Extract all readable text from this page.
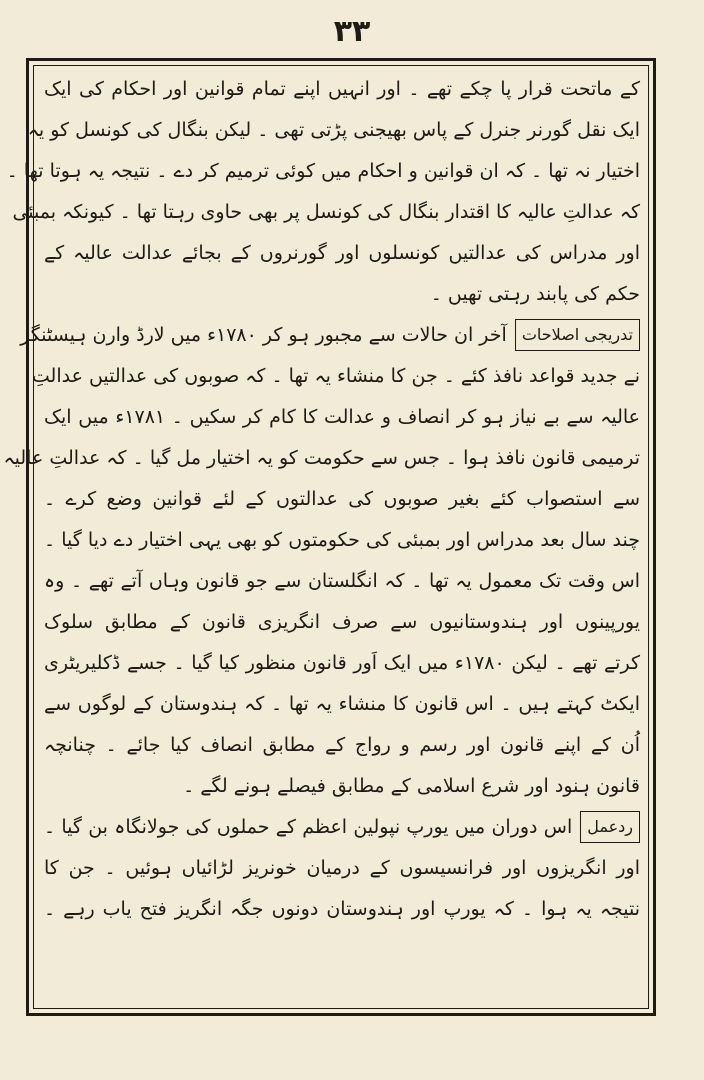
۳۳
کے ماتحت قرار پا چکے تھے ۔ اور انہیں اپنے تمام قوانین اور احکام کی ایک
ایک نقل گورنر جنرل کے پاس بھیجنی پڑتی تھی ۔ لیکن بنگال کی کونسل کو یہ
اختیار نہ تھا ۔ کہ ان قوانین و احکام میں کوئی ترمیم کر دے ۔ نتیجہ یہ ہوتا تھا ۔
کہ عدالتِ عالیہ کا اقتدار بنگال کی کونسل پر بھی حاوی رہتا تھا ۔ کیونکہ بمبئی
اور مدراس کی عدالتیں کونسلوں اور گورنروں کے بجائے عدالت عالیہ کے
حکم کی پابند رہتی تھیں ۔
تدریجی اصلاحات
آخر ان حالات سے مجبور ہو کر ۱۷۸۰ء میں لارڈ وارن ہیسٹنگز
نے جدید قواعد نافذ کئے ۔ جن کا منشاء یہ تھا ۔ کہ صوبوں کی عدالتیں عدالتِ
عالیہ سے بے نیاز ہو کر انصاف و عدالت کا کام کر سکیں ۔ ۱۷۸۱ء میں ایک
ترمیمی قانون نافذ ہوا ۔ جس سے حکومت کو یہ اختیار مل گیا ۔ کہ عدالتِ عالیہ
سے استصواب کئے بغیر صوبوں کی عدالتوں کے لئے قوانین وضع کرے ۔
چند سال بعد مدراس اور بمبئی کی حکومتوں کو بھی یہی اختیار دے دیا گیا ۔
اس وقت تک معمول یہ تھا ۔ کہ انگلستان سے جو قانون وہاں آتے تھے ۔ وہ
یورپینوں اور ہندوستانیوں سے صرف انگریزی قانون کے مطابق سلوک
کرتے تھے ۔ لیکن ۱۷۸۰ء میں ایک اَور قانون منظور کیا گیا ۔ جسے ڈکلیریٹری
ایکٹ کہتے ہیں ۔ اس قانون کا منشاء یہ تھا ۔ کہ ہندوستان کے لوگوں سے
اُن کے اپنے قانون اور رسم و رواج کے مطابق انصاف کیا جائے ۔ چنانچہ
قانون ہنود اور شرع اسلامی کے مطابق فیصلے ہونے لگے ۔
ردعمل
اس دوران میں یورپ نپولین اعظم کے حملوں کی جولانگاہ بن گیا ۔
اور انگریزوں اور فرانسیسوں کے درمیان خونریز لڑائیاں ہوئیں ۔ جن کا
نتیجہ یہ ہوا ۔ کہ یورپ اور ہندوستان دونوں جگہ انگریز فتح یاب رہے ۔
